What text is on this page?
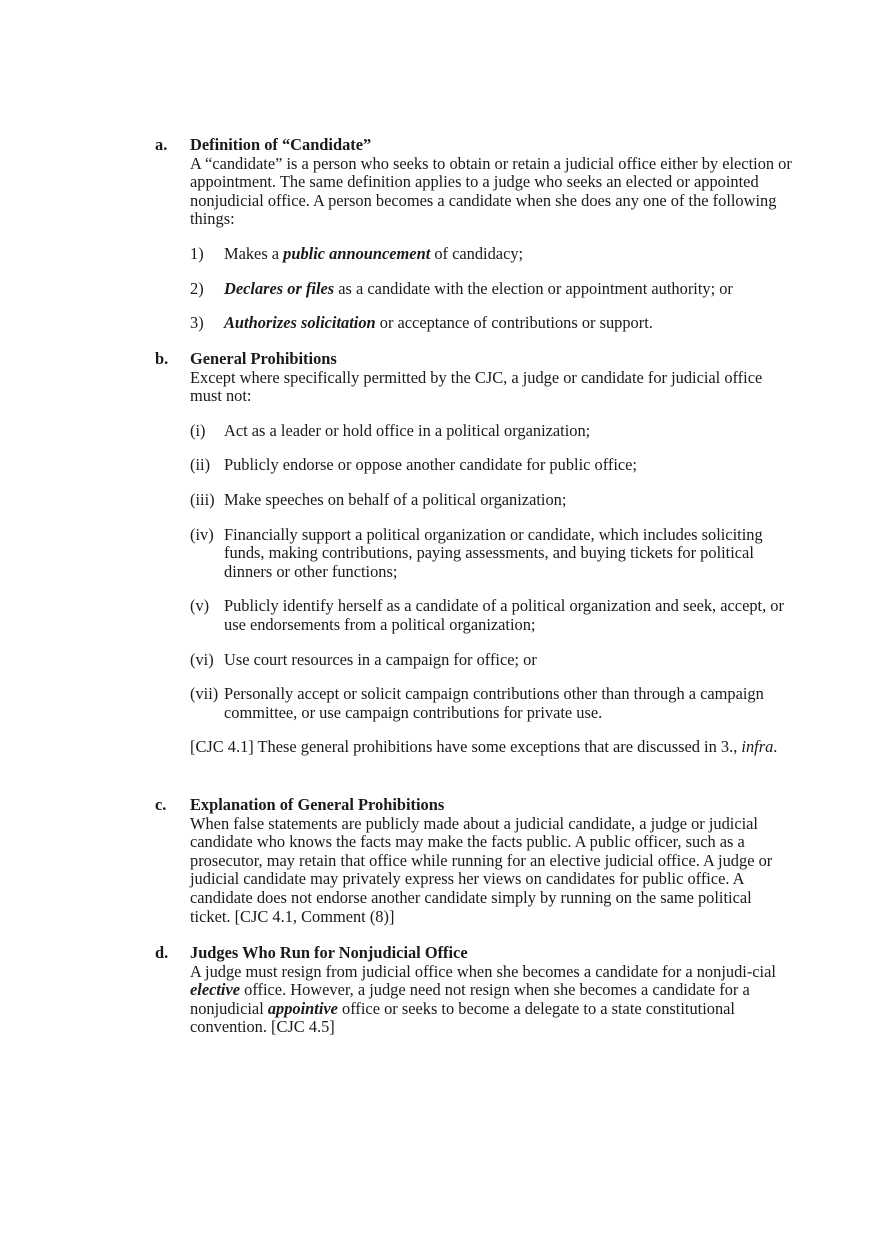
a. Definition of “Candidate”

A “candidate” is a person who seeks to obtain or retain a judicial office either by election or appointment. The same definition applies to a judge who seeks an elected or appointed nonjudicial office. A person becomes a candidate when she does any one of the following things:

1) Makes a public announcement of candidacy;
2) Declares or files as a candidate with the election or appointment authority; or
3) Authorizes solicitation or acceptance of contributions or support.
b. General Prohibitions

Except where specifically permitted by the CJC, a judge or candidate for judicial office must not:

(i) Act as a leader or hold office in a political organization;
(ii) Publicly endorse or oppose another candidate for public office;
(iii) Make speeches on behalf of a political organization;
(iv) Financially support a political organization or candidate, which includes soliciting funds, making contributions, paying assessments, and buying tickets for political dinners or other functions;
(v) Publicly identify herself as a candidate of a political organization and seek, accept, or use endorsements from a political organization;
(vi) Use court resources in a campaign for office; or
(vii) Personally accept or solicit campaign contributions other than through a campaign committee, or use campaign contributions for private use.

[CJC 4.1] These general prohibitions have some exceptions that are discussed in 3., infra.

c. Explanation of General Prohibitions

When false statements are publicly made about a judicial candidate, a judge or judicial candidate who knows the facts may make the facts public. A public officer, such as a prosecutor, may retain that office while running for an elective judicial office. A judge or judicial candidate may privately express her views on candidates for public office. A candidate does not endorse another candidate simply by running on the same political ticket. [CJC 4.1, Comment (8)]

d. Judges Who Run for Nonjudicial Office

A judge must resign from judicial office when she becomes a candidate for a nonjudi-cial elective office. However, a judge need not resign when she becomes a candidate for a nonjudicial appointive office or seeks to become a delegate to a state constitutional convention. [CJC 4.5]
